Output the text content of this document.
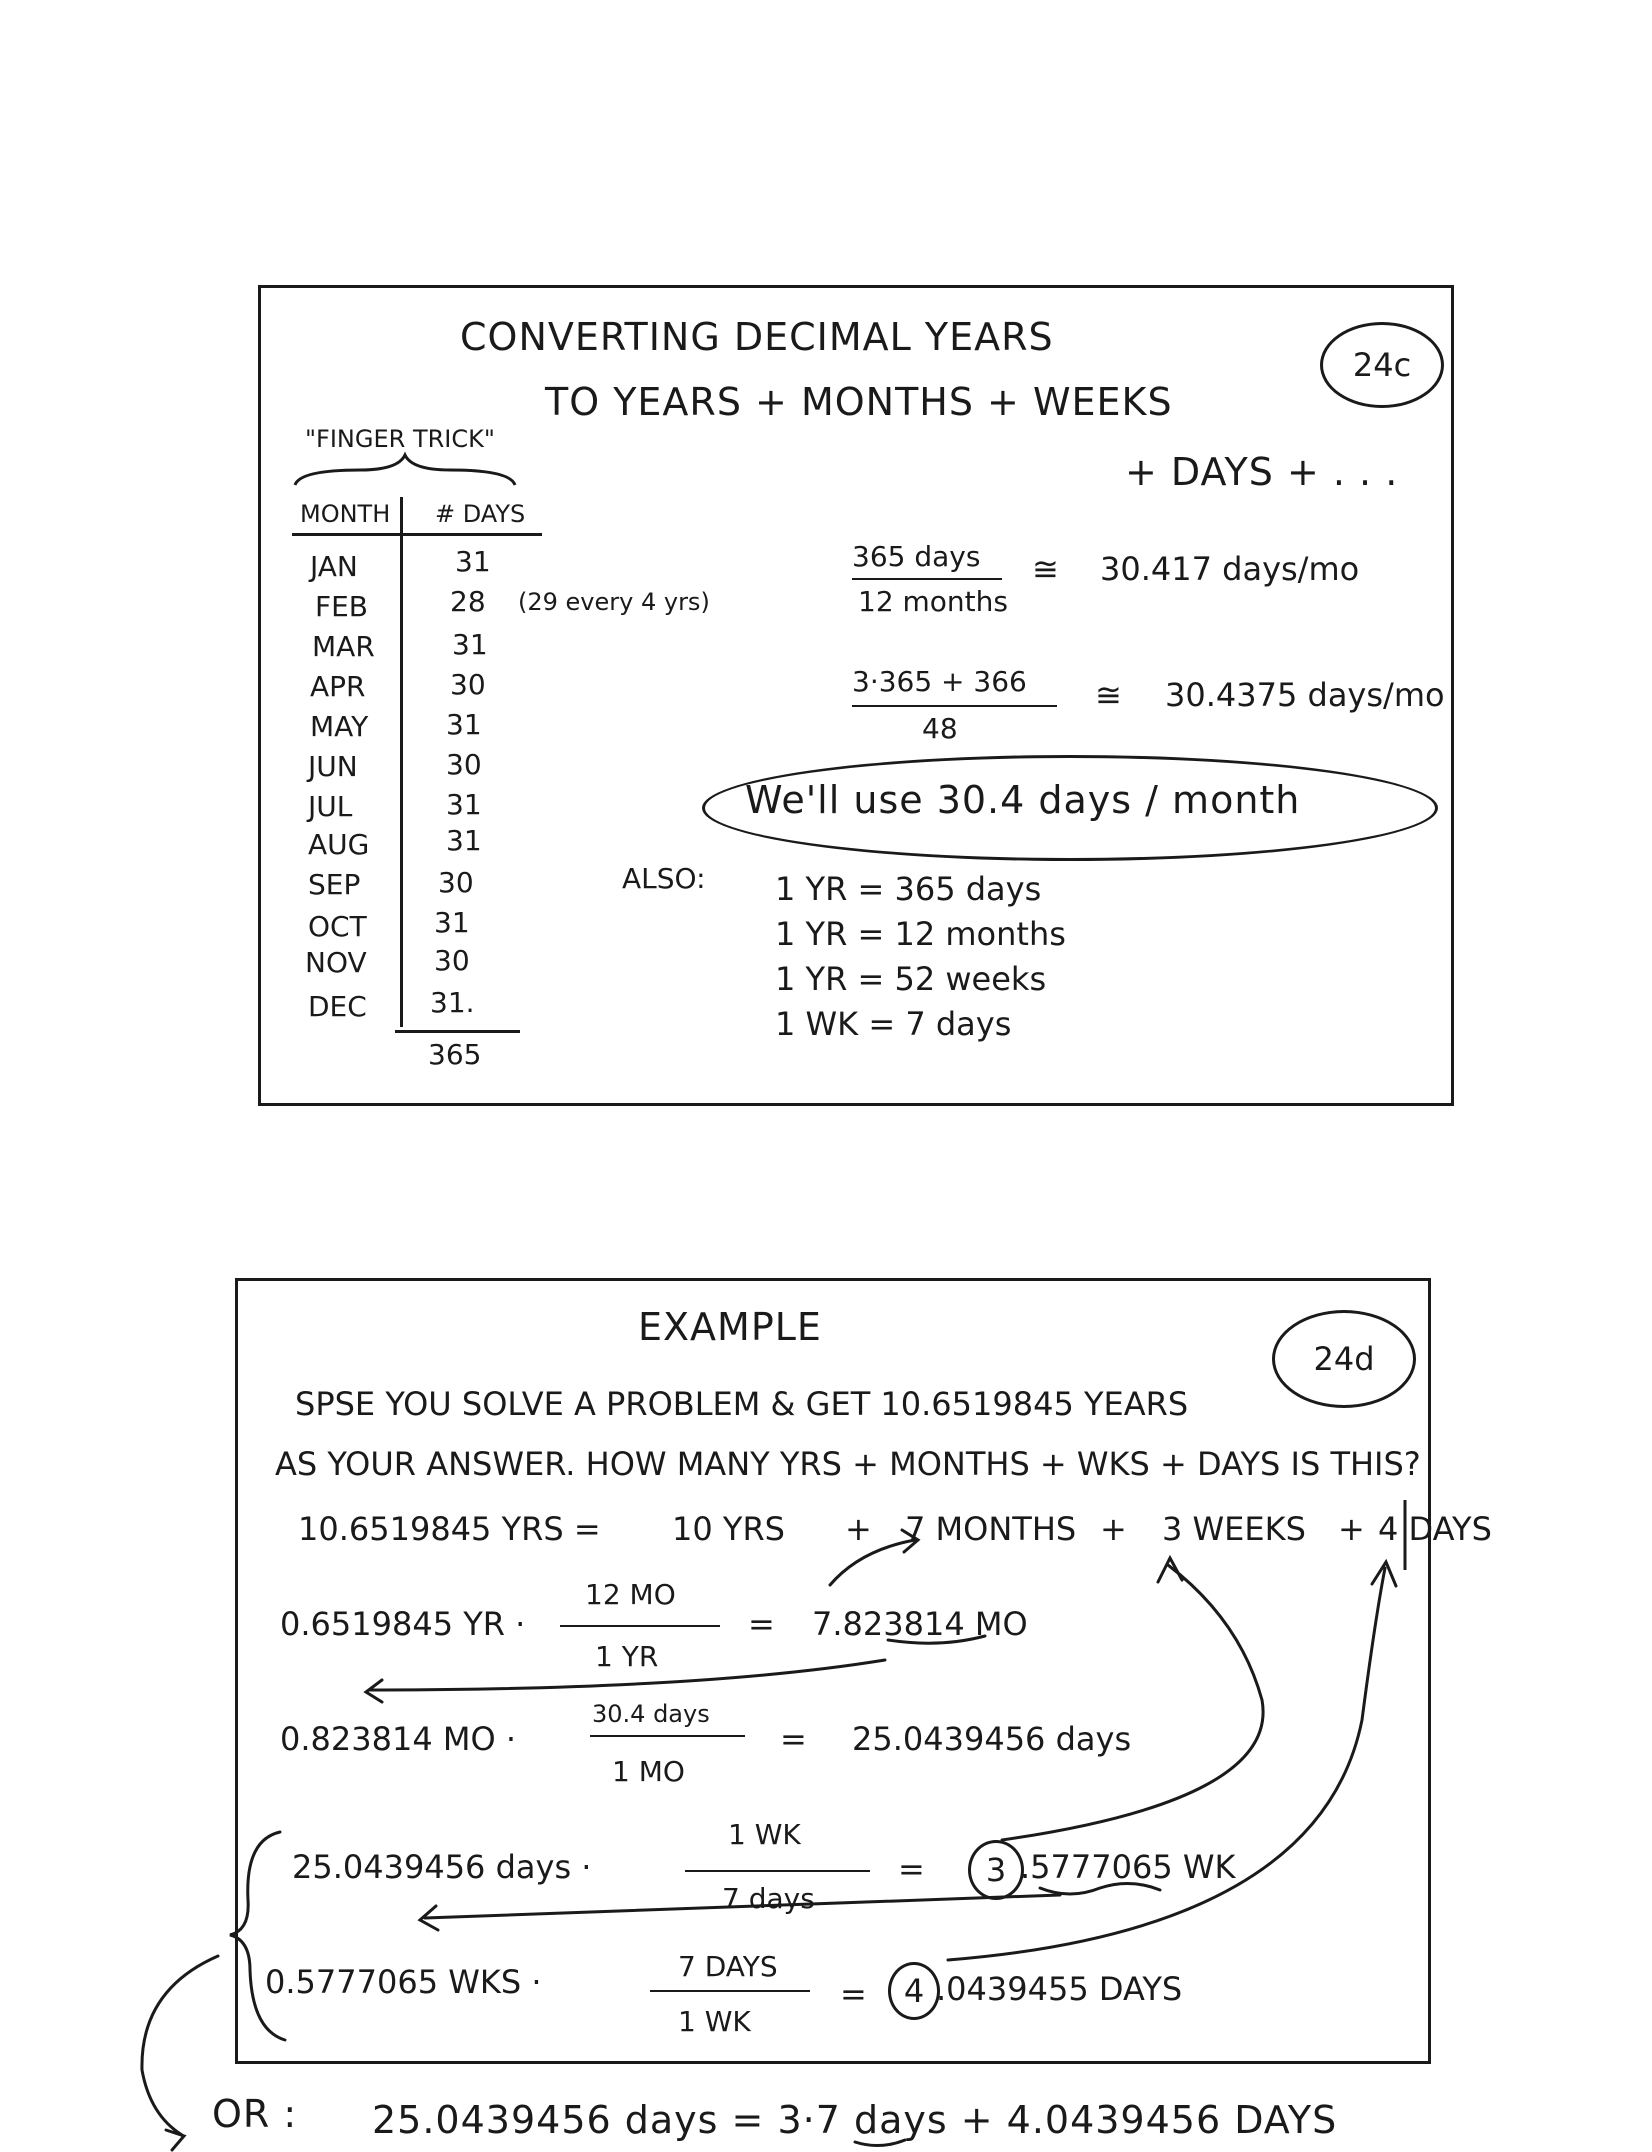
CONVERTING DECIMAL YEARS
TO YEARS + MONTHS + WEEKS
+ DAYS + . . .
24c
"FINGER TRICK"
MONTH # DAYS
JAN	31
FEB	28
MAR	31
APR	30
MAY	31
JUN	30
JUL	31
AUG	31
SEP	30
OCT 31
NOV 30
DEC 31.
(29 every 4 yrs)
365
365 days
12 months
≅ 30.417 days/mo
3·365 + 366
48
≅ 30.4375 days/mo
We'll use 30.4 days / month
ALSO: 1 YR = 365 days
1 YR = 12 months
1 YR = 52 weeks
1 WK = 7 days
EXAMPLE
24d
SPSE YOU SOLVE A PROBLEM & GET 10.6519845 YEARS
AS YOUR ANSWER. HOW MANY YRS + MONTHS + WKS + DAYS IS THIS?
10.6519845 YRS = 10 YRS + 7 MONTHS + 3 WEEKS + 4 DAYS
0.6519845 YR ·
12 MO
1 YR
= 7.823814 MO
0.823814 MO ·
30.4 days
1 MO
= 25.0439456 days
25.0439456 days ·
1 WK
7 days
=	3 .5777065 WK
0.5777065 WKS ·	7 DAYS
1 WK
=	4 .0439455 DAYS
OR : 25.0439456 days = 3·7 days + 4.0439456 DAYS
